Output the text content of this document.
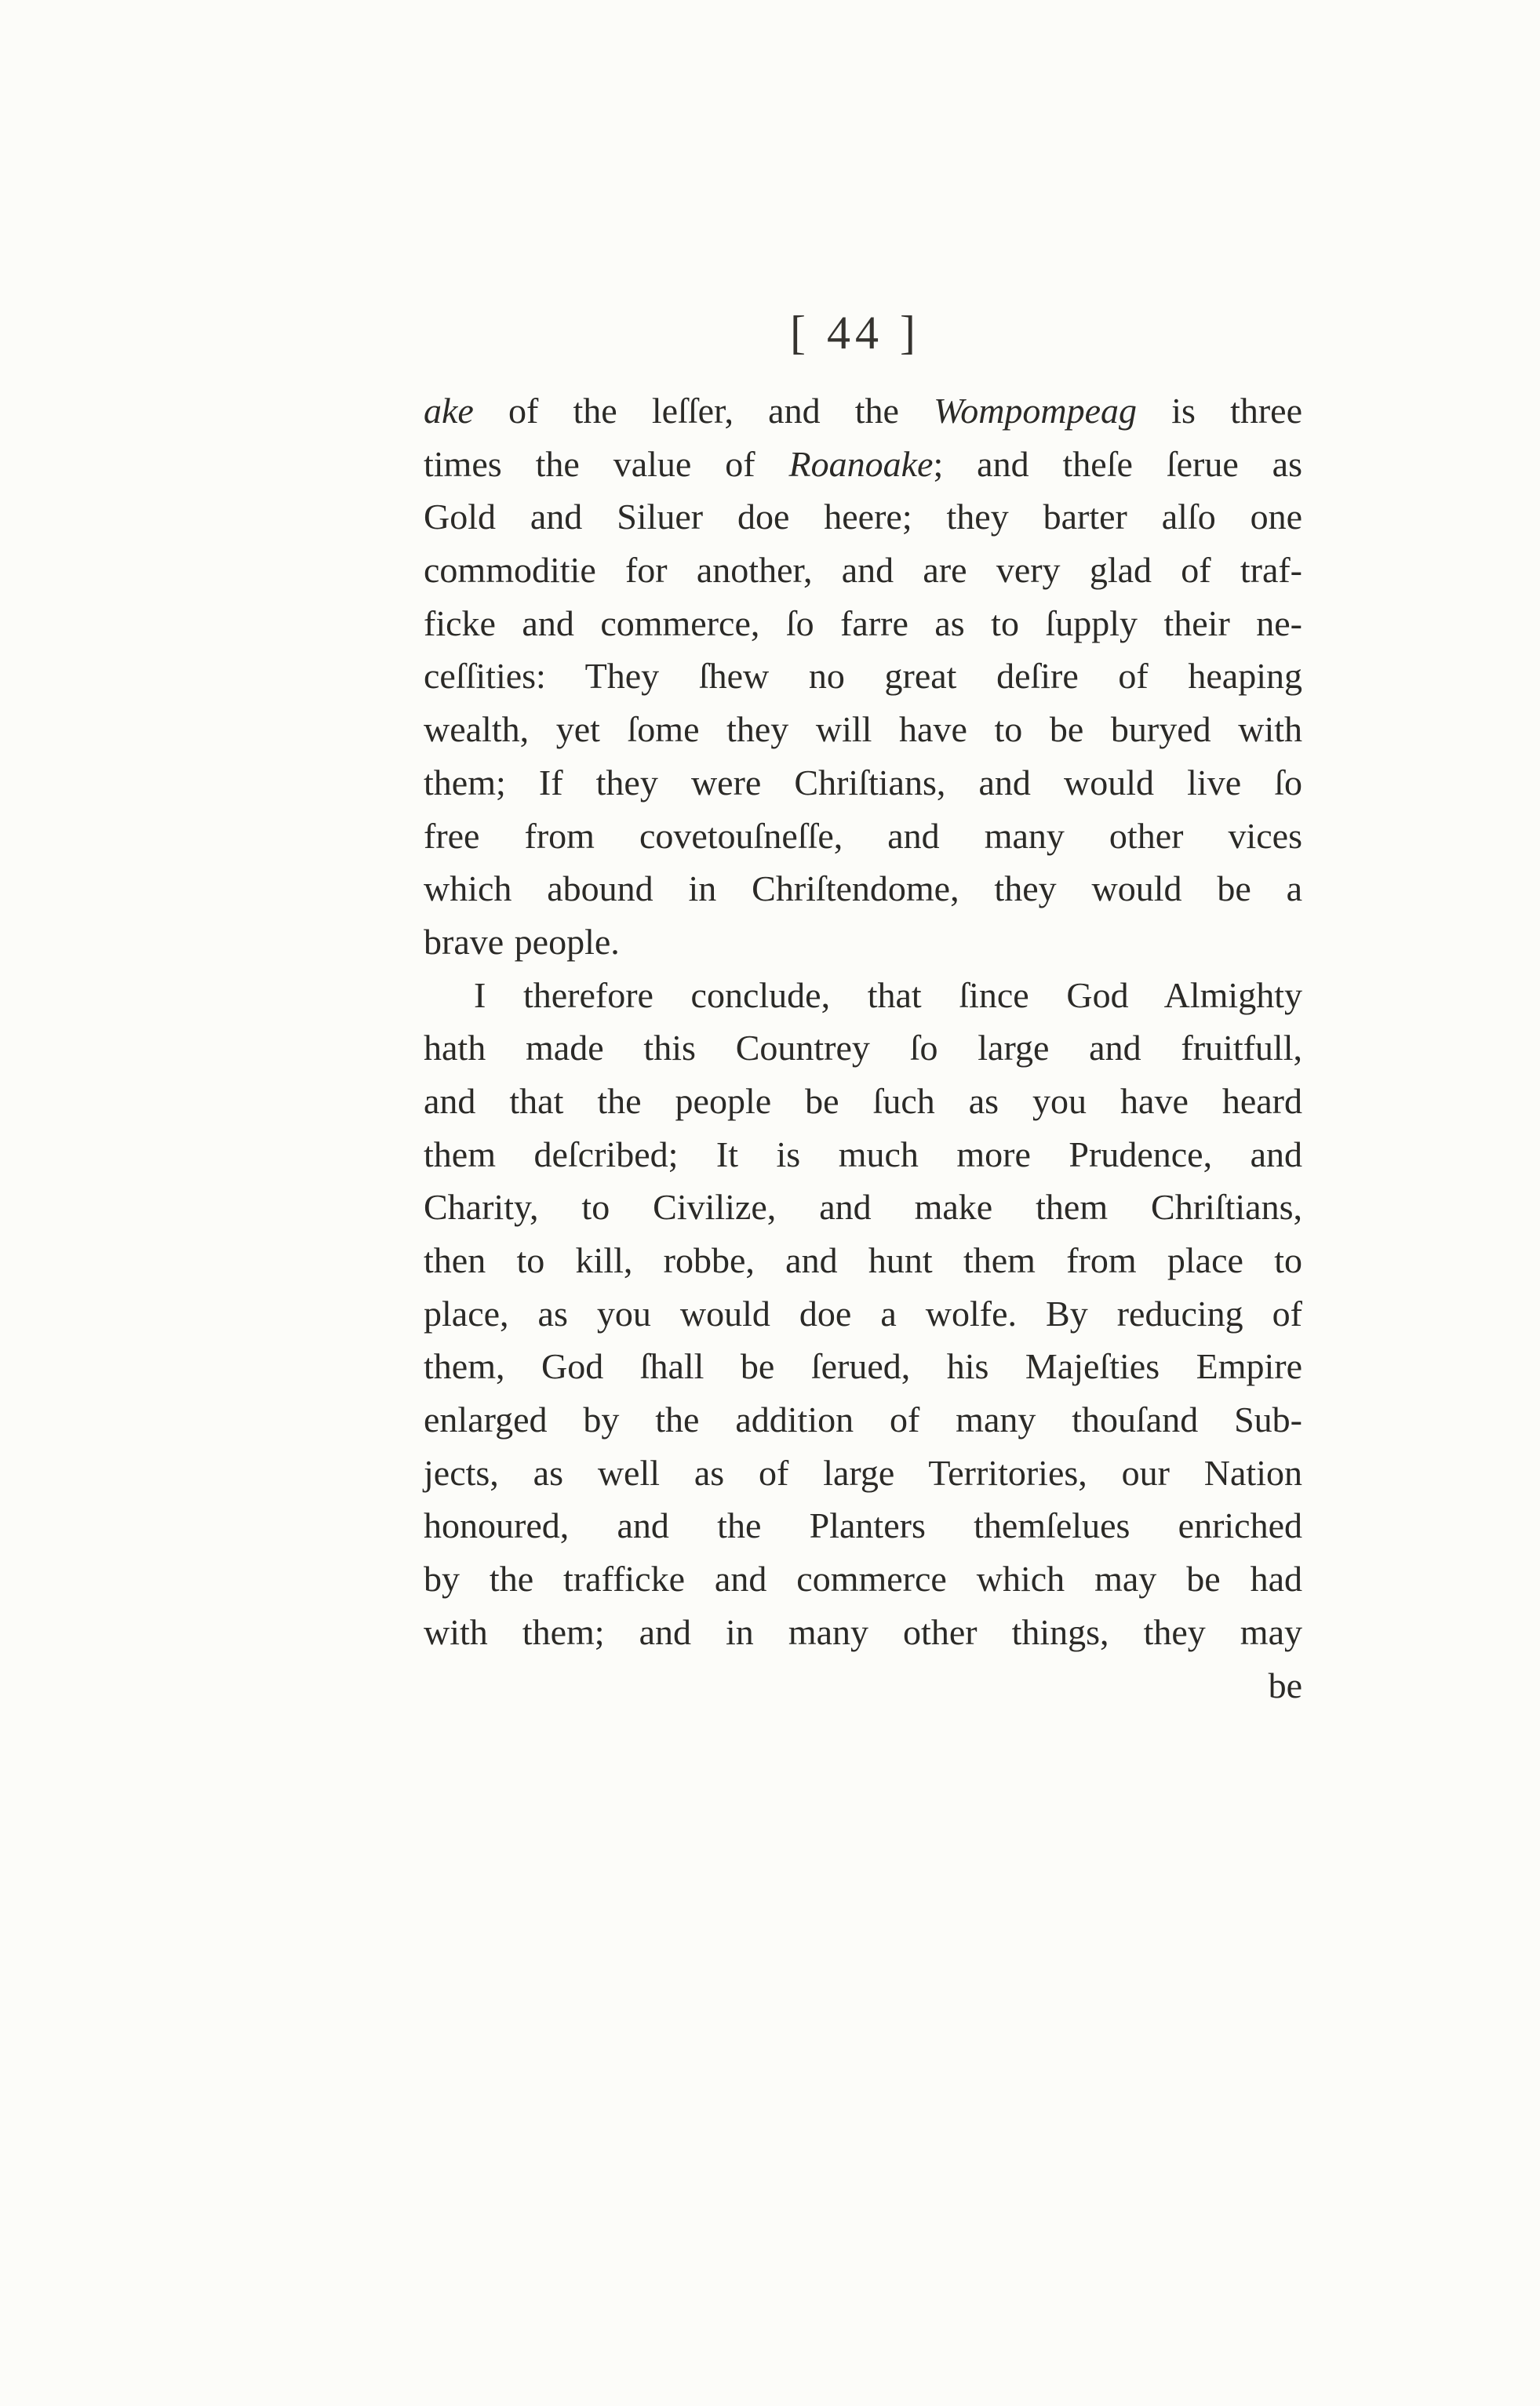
[ 44 ]
ake of the leſſer, and the Wompompeag is three
times the value of Roanoake; and theſe ſerue as
Gold and Siluer doe heere; they barter alſo one
commoditie for another, and are very glad of traf-
ficke and commerce, ſo farre as to ſupply their ne-
ceſſities: They ſhew no great deſire of heaping
wealth, yet ſome they will have to be buryed with
them; If they were Chriſtians, and would live ſo
free from covetouſneſſe, and many other vices
which abound in Chriſtendome, they would be a
brave people.
I therefore conclude, that ſince God Almighty
hath made this Countrey ſo large and fruitfull,
and that the people be ſuch as you have heard
them deſcribed; It is much more Prudence, and
Charity, to Civilize, and make them Chriſtians,
then to kill, robbe, and hunt them from place to
place, as you would doe a wolfe. By reducing of
them, God ſhall be ſerued, his Majeſties Empire
enlarged by the addition of many thouſand Sub-
jects, as well as of large Territories, our Nation
honoured, and the Planters themſelues enriched
by the trafficke and commerce which may be had
with them; and in many other things, they may
be
